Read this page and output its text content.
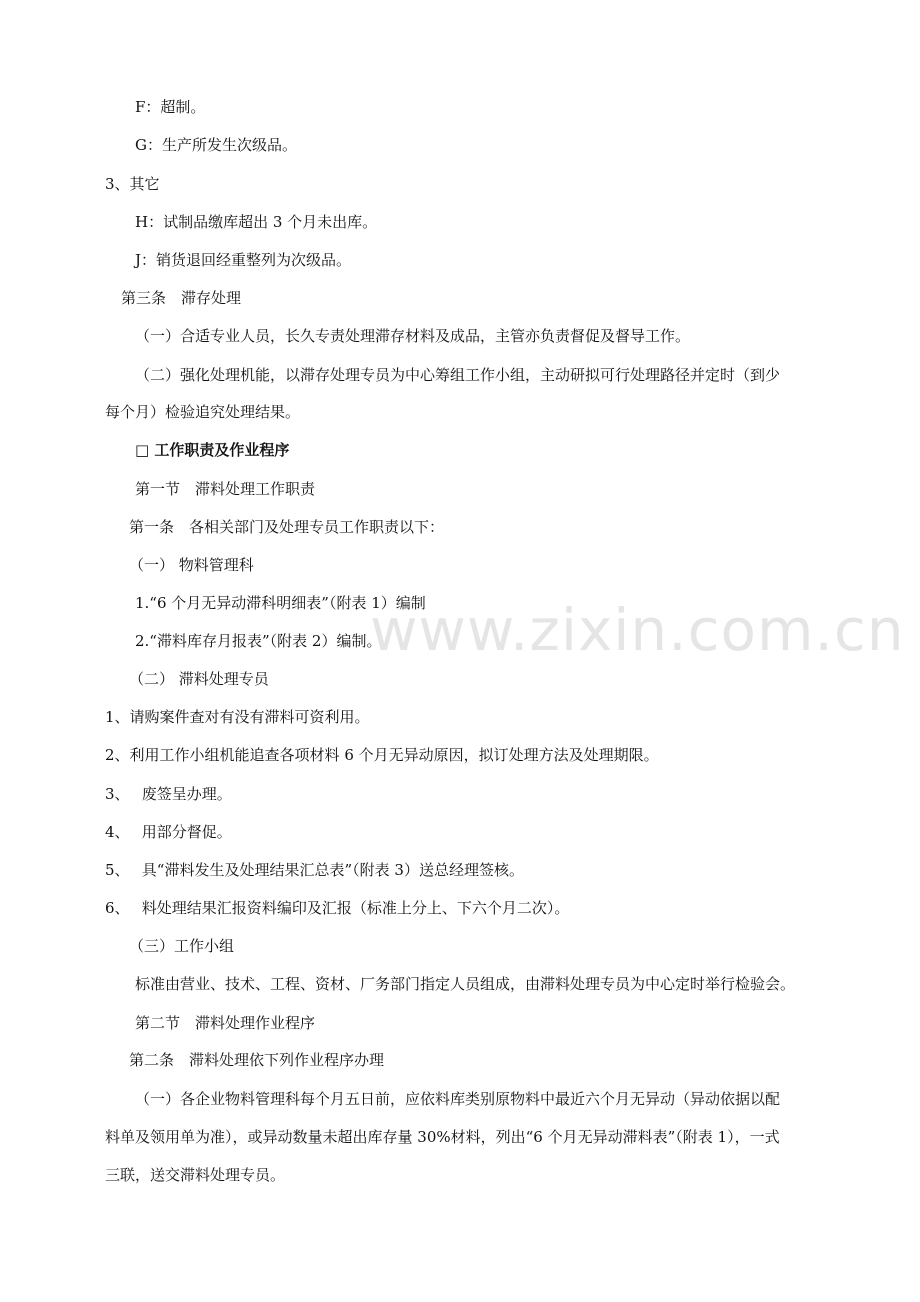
www.zixin.com.cn
F：超制。
G：生产所发生次级品。
3、其它
H：试制品缴库超出 3 个月未出库。
J：销货退回经重整列为次级品。
第三条　滞存处理
（一）合适专业人员，长久专责处理滞存材料及成品，主管亦负责督促及督导工作。
（二）强化处理机能，以滞存处理专员为中心筹组工作小组，主动研拟可行处理路径并定时（到少
每个月）检验追究处理结果。
□ 工作职责及作业程序
第一节　滞料处理工作职责
第一条　各相关部门及处理专员工作职责以下：
（一） 物料管理科
1.“6 个月无异动滞科明细表”（附表 1）编制
2.“滞料库存月报表”（附表 2）编制。
（二） 滞料处理专员
1、请购案件查对有没有滞料可资利用。
2、利用工作小组机能追查各项材料 6 个月无异动原因，拟订处理方法及处理期限。
3、　 废签呈办理。
4、　 用部分督促。
5、　 具“滞料发生及处理结果汇总表”（附表 3）送总经理签核。
6、　 料处理结果汇报资料编印及汇报（标准上分上、下六个月二次）。
（三）工作小组
标准由营业、技术、工程、资材、厂务部门指定人员组成，由滞料处理专员为中心定时举行检验会。
第二节　滞料处理作业程序
第二条　滞料处理依下列作业程序办理
（一）各企业物料管理科每个月五日前，应依料库类别原物料中最近六个月无异动（异动依据以配
料单及领用单为准），或异动数量未超出库存量 30%材料，列出“6 个月无异动滞料表”（附表 1），一式
三联，送交滞料处理专员。
